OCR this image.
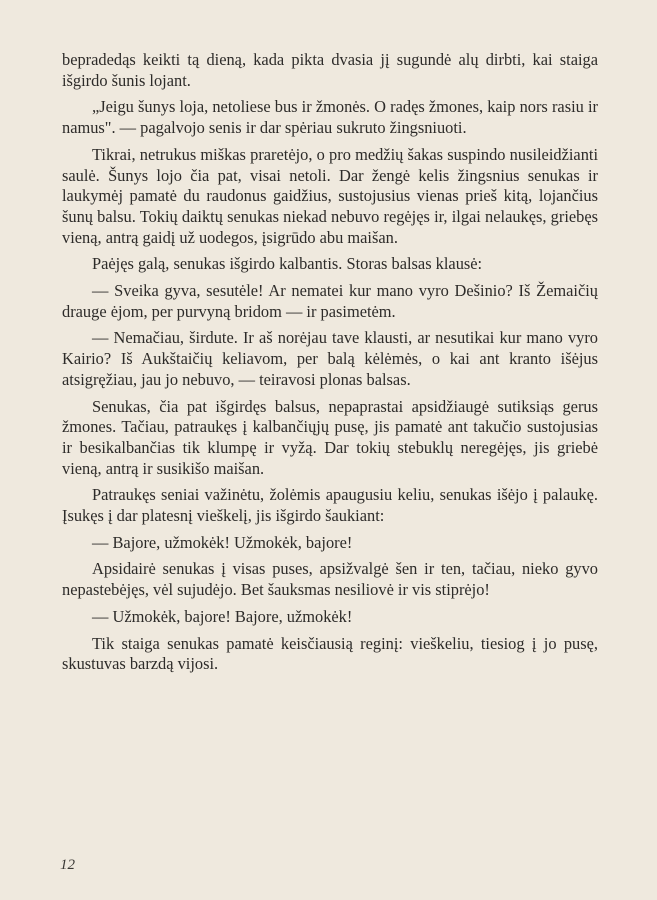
bepradedąs keikti tą dieną, kada pikta dvasia jį sugundė alų dirbti, kai staiga išgirdo šunis lojant.

„Jeigu šunys loja, netoliese bus ir žmonės. O radęs žmones, kaip nors rasiu ir namus". — pagalvojo senis ir dar spėriau sukruto žingsniuoti.

Tikrai, netrukus miškas praretėjo, o pro medžių šakas suspindo nusileidžianti saulė. Šunys lojo čia pat, visai netoli. Dar žengė kelis žingsnius senukas ir laukymėj pamatė du raudonus gaidžius, sustojusius vienas prieš kitą, lojančius šunų balsu. Tokių daiktų senukas niekad nebuvo regėjęs ir, ilgai nelaukęs, griebęs vieną, antrą gaidį už uodegos, įsigrūdo abu maišan.

Paėjęs galą, senukas išgirdo kalbantis. Storas balsas klausė:

— Sveika gyva, sesutėle! Ar nematei kur mano vyro Dešinio? Iš Žemaičių drauge ėjom, per purvyną bridom — ir pasimetėm.

— Nemačiau, širdute. Ir aš norėjau tave klausti, ar nesutikai kur mano vyro Kairio? Iš Aukštaičių keliavom, per balą kėlėmės, o kai ant kranto išėjus atsigręžiau, jau jo nebuvo, — teiravosi plonas balsas.

Senukas, čia pat išgirdęs balsus, nepaprastai apsidžiaugė sutiksiąs gerus žmones. Tačiau, patraukęs į kalbančiųjų pusę, jis pamatė ant takučio sustojusias ir besikalbančias tik klumpę ir vyžą. Dar tokių stebuklų neregėjęs, jis griebė vieną, antrą ir susikišo maišan.

Patraukęs seniai važinėtu, žolėmis apaugusiu keliu, senukas išėjo į palaukę. Įsukęs į dar platesnį vieškelį, jis išgirdo šaukiant:

— Bajore, užmokėk! Užmokėk, bajore!

Apsidairė senukas į visas puses, apsižvalgė šen ir ten, tačiau, nieko gyvo nepastebėjęs, vėl sujudėjo. Bet šauksmas nesiliovė ir vis stiprėjo!

— Užmokėk, bajore! Bajore, užmokėk!

Tik staiga senukas pamatė keisčiausią reginį: vieškeliu, tiesiog į jo pusę, skustuvas barzdą vijosi.

12
